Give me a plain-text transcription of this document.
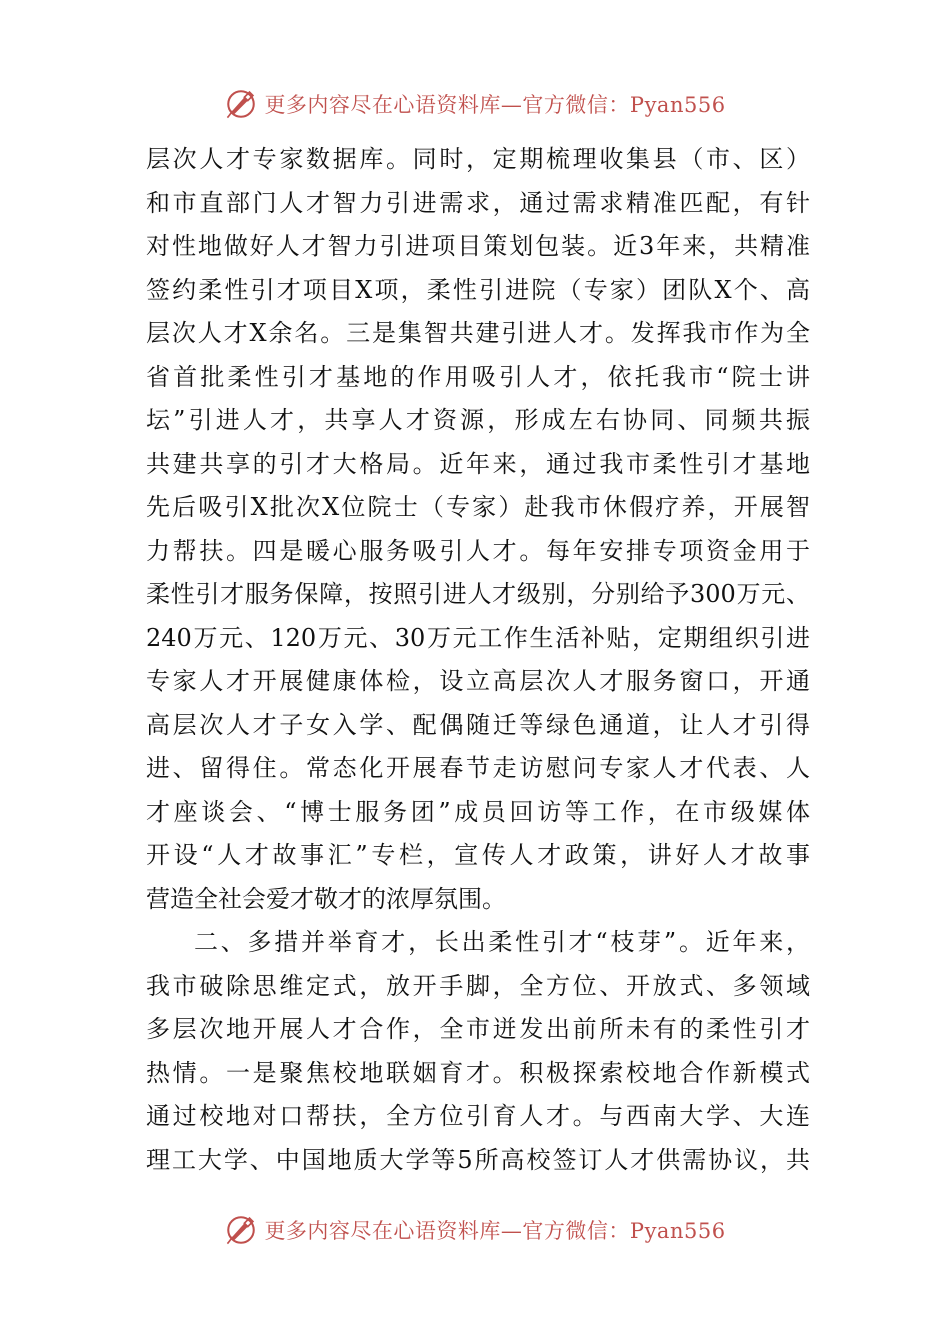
更多内容尽在心语资料库—官方微信：Pyan556
层次人才专家数据库。同时，定期梳理收集县（市、区）
和市直部门人才智力引进需求，通过需求精准匹配，有针
对性地做好人才智力引进项目策划包装。近3年来，共精准
签约柔性引才项目X项，柔性引进院（专家）团队X个、高
层次人才X余名。三是集智共建引进人才。发挥我市作为全
省首批柔性引才基地的作用吸引人才，依托我市“院士讲
坛”引进人才，共享人才资源，形成左右协同、同频共振
共建共享的引才大格局。近年来，通过我市柔性引才基地
先后吸引X批次X位院士（专家）赴我市休假疗养，开展智
力帮扶。四是暖心服务吸引人才。每年安排专项资金用于
柔性引才服务保障，按照引进人才级别，分别给予300万元、
240万元、120万元、30万元工作生活补贴，定期组织引进
专家人才开展健康体检，设立高层次人才服务窗口，开通
高层次人才子女入学、配偶随迁等绿色通道，让人才引得
进、留得住。常态化开展春节走访慰问专家人才代表、人
才座谈会、“博士服务团”成员回访等工作，在市级媒体
开设“人才故事汇”专栏，宣传人才政策，讲好人才故事
营造全社会爱才敬才的浓厚氛围。
二、多措并举育才，长出柔性引才“枝芽”。近年来，
我市破除思维定式，放开手脚，全方位、开放式、多领域
多层次地开展人才合作，全市迸发出前所未有的柔性引才
热情。一是聚焦校地联姻育才。积极探索校地合作新模式
通过校地对口帮扶，全方位引育人才。与西南大学、大连
理工大学、中国地质大学等5所高校签订人才供需协议，共
更多内容尽在心语资料库—官方微信：Pyan556
